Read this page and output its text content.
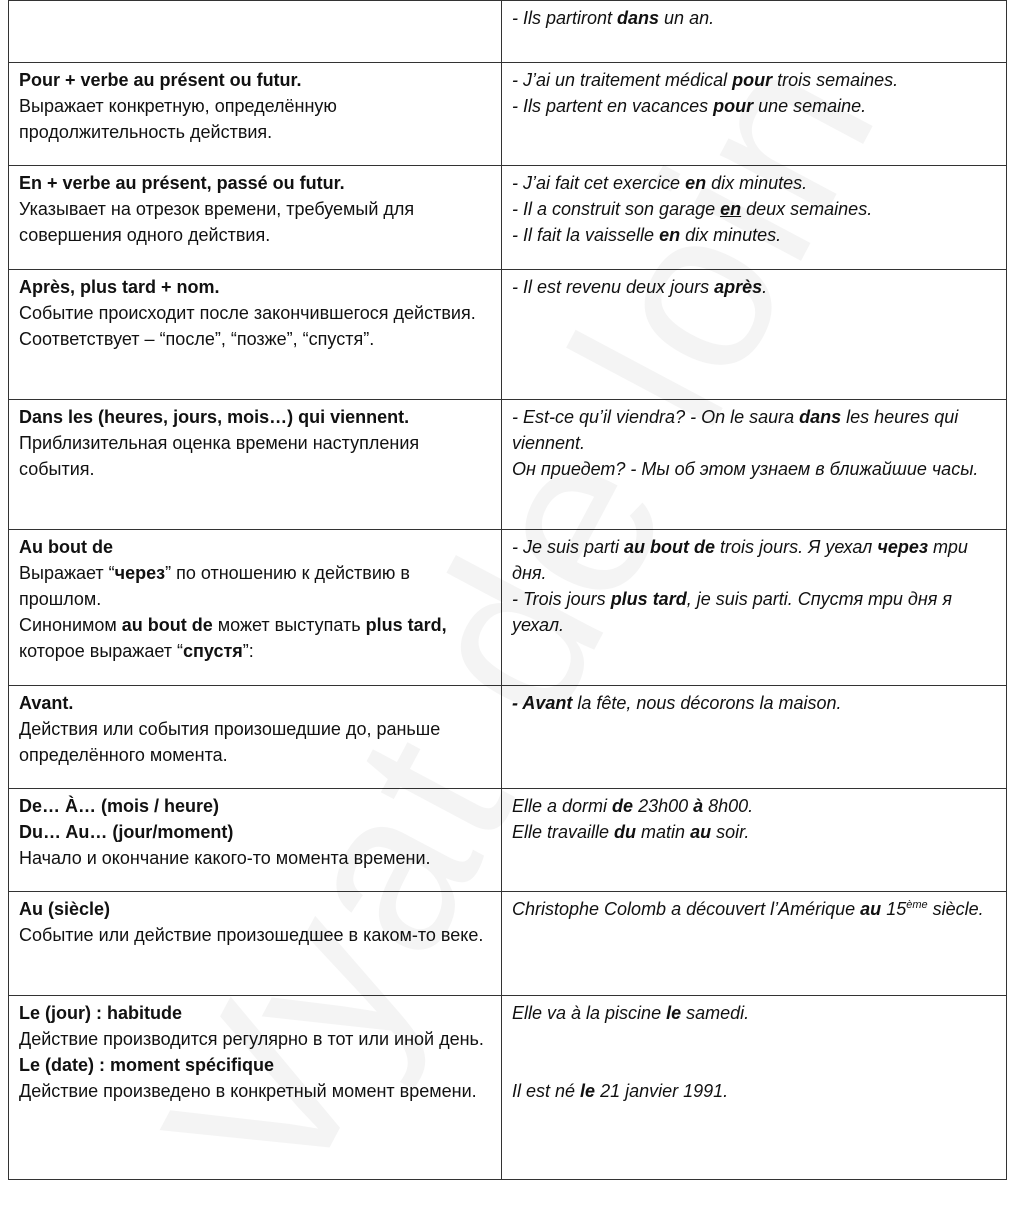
	- Ils partiront dans un an.

Pour + verbe au présent ou futur.
Выражает конкретную, определённую продолжительность действия.	- J’ai un traitement médical pour trois semaines.
- Ils partent en vacances pour une semaine.

En + verbe au présent, passé ou futur.
Указывает на отрезок времени, требуемый для совершения одного действия.	- J’ai fait cet exercice en dix minutes.
- Il a construit son garage en deux semaines.
- Il fait la vaisselle en dix minutes.

Après, plus tard + nom.
Событие происходит после закончившегося действия. Соответствует – “после”, “позже”, “спустя”.	- Il est revenu deux jours après.

Dans les (heures, jours, mois…) qui viennent.
Приблизительная оценка времени наступления события.	- Est-ce qu’il viendra? - On le saura dans les heures qui viennent.
Он приедет? - Мы об этом узнаем в ближайшие часы.

Au bout de
Выражает “через” по отношению к действию в прошлом.
Синонимом au bout de может выступать plus tard, которое выражает “спустя”:	- Je suis parti au bout de trois jours. Я уехал через три дня.
- Trois jours plus tard, je suis parti. Спустя три дня я уехал.

Avant.
Действия или события произошедшие до, раньше определённого момента.	- Avant la fête, nous décorons la maison.

De… À… (mois / heure)
Du… Au… (jour/moment)
Начало и окончание какого-то момента времени.	Elle a dormi de 23h00 à 8h00.
Elle travaille du matin au soir.

Au (siècle)
Событие или действие произошедшее в каком-то веке.	Christophe Colomb a découvert l’Amérique au 15ème siècle.

Le (jour) : habitude
Действие производится регулярно в тот или иной день.
Le (date) : moment spécifique
Действие произведено в конкретный момент времени.	Elle va à la piscine le samedi.
Il est né le 21 janvier 1991.
